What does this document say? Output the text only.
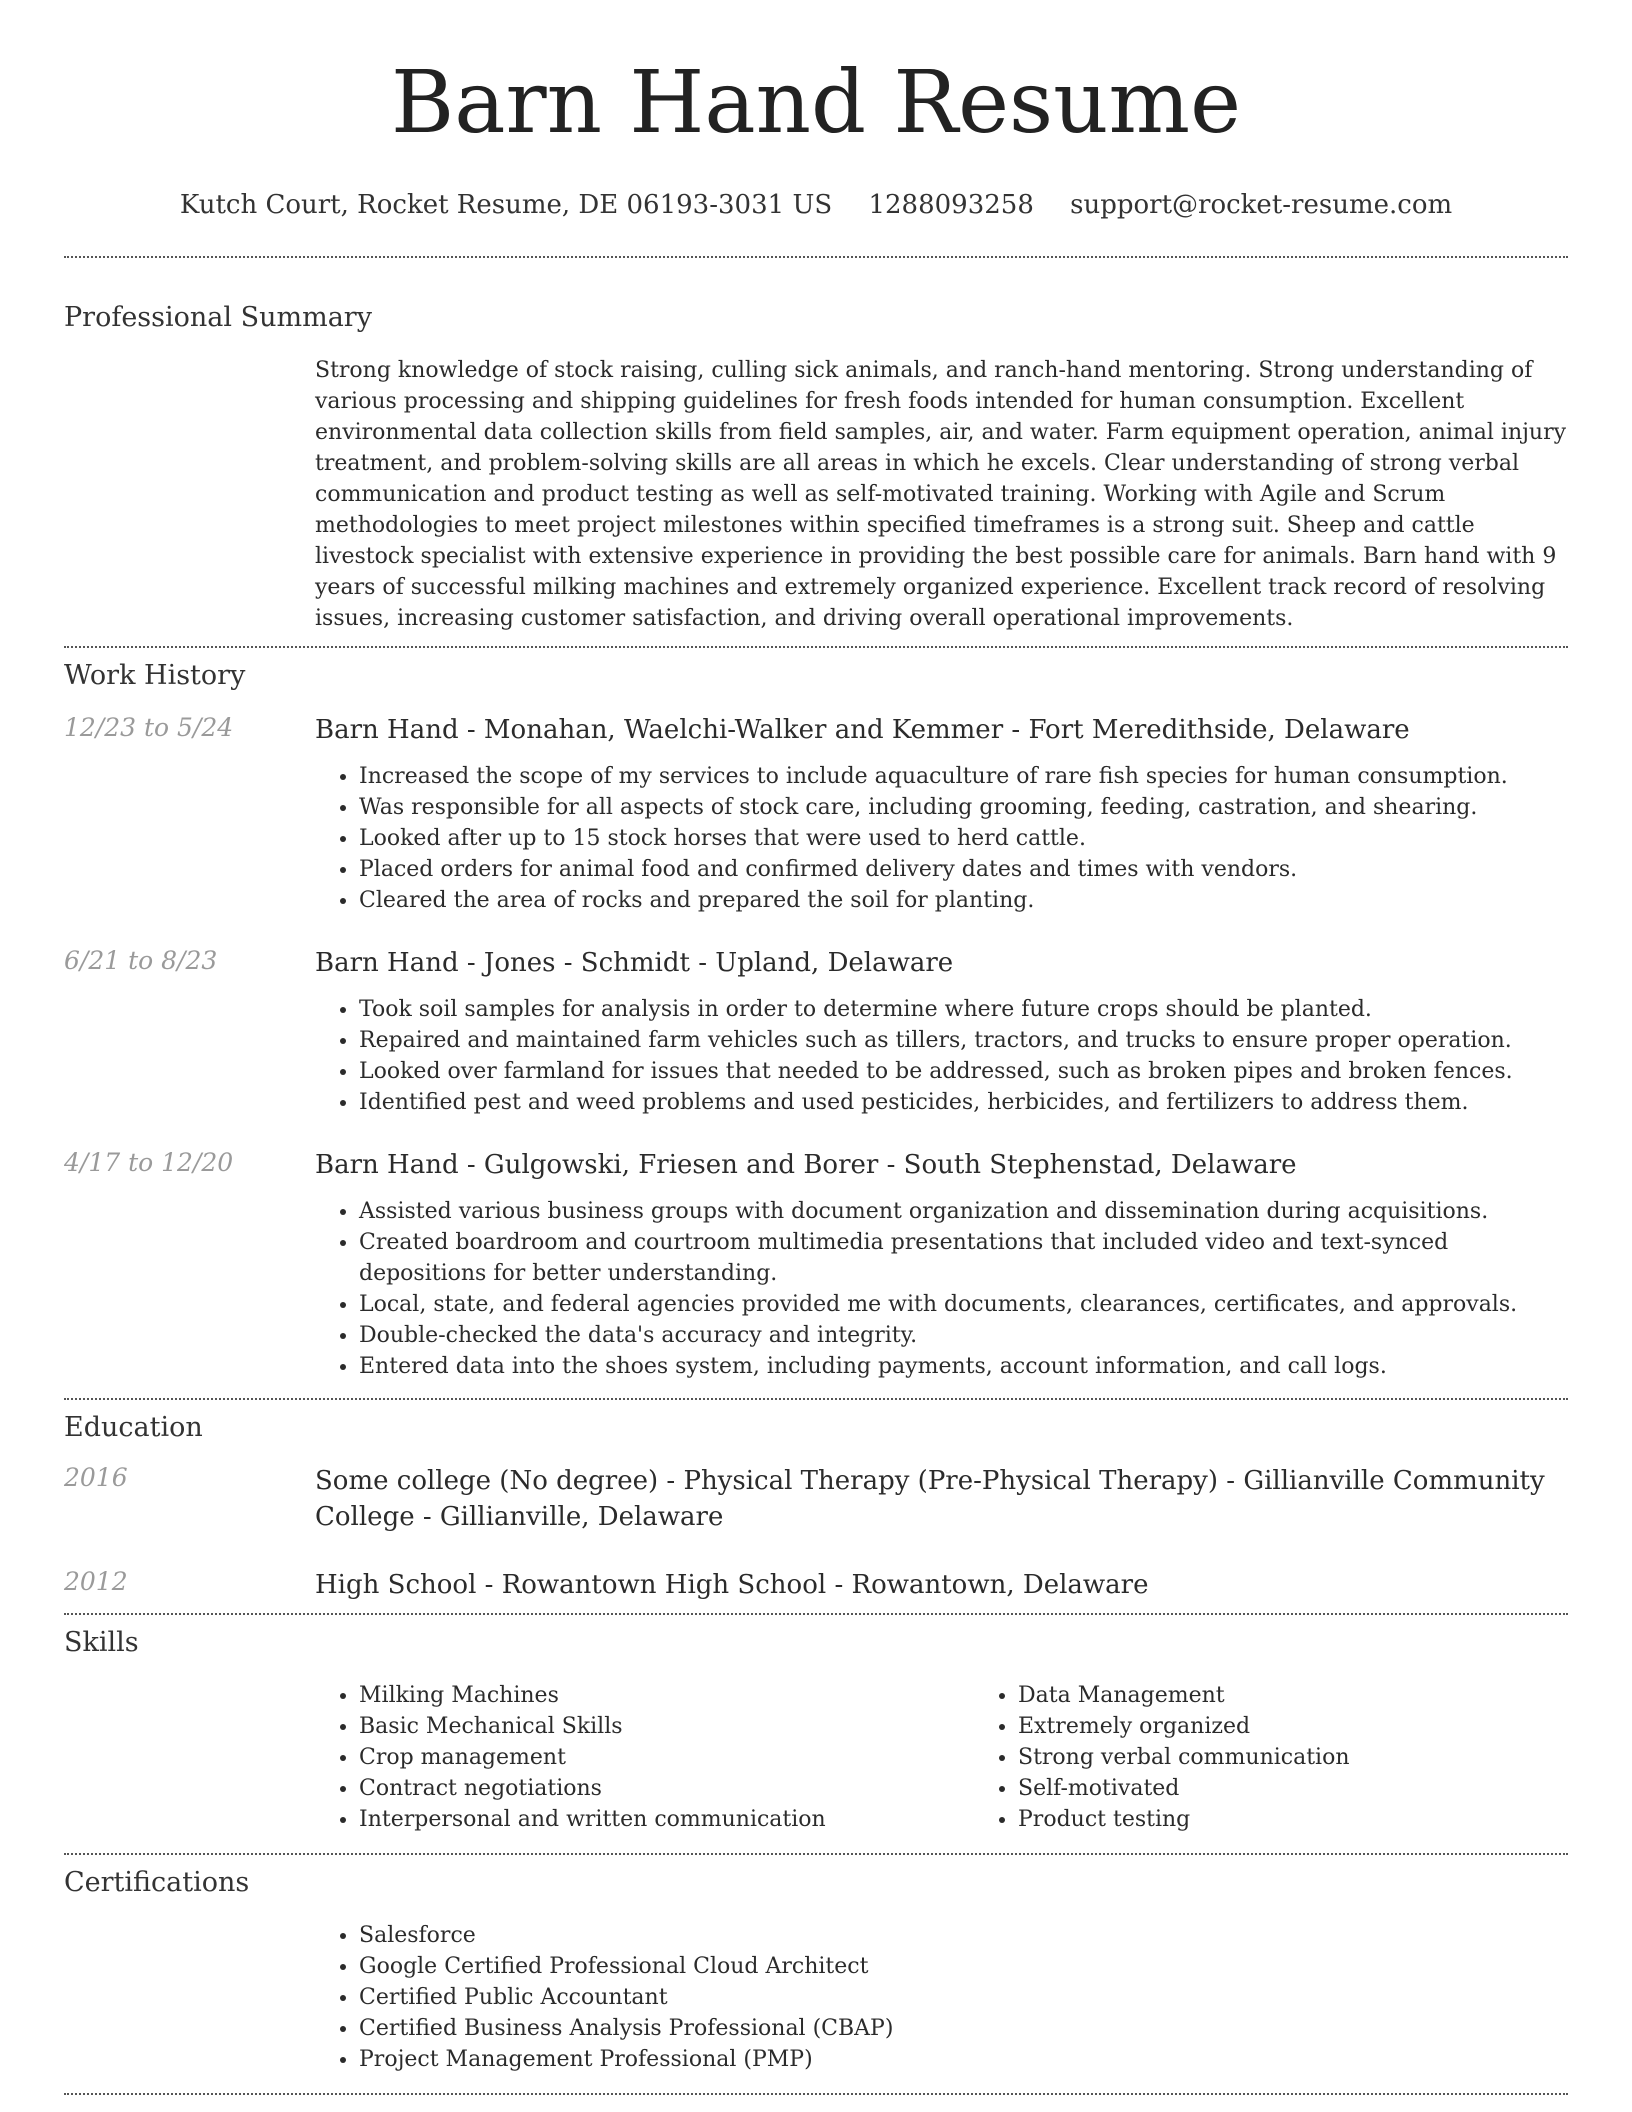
Barn Hand Resume
Kutch Court, Rocket Resume, DE 06193-3031 US 1288093258 support@rocket-resume.com
Professional Summary

Strong knowledge of stock raising, culling sick animals, and ranch-hand mentoring. Strong understanding of various processing and shipping guidelines for fresh foods intended for human consumption. Excellent environmental data collection skills from field samples, air, and water. Farm equipment operation, animal injury treatment, and problem-solving skills are all areas in which he excels. Clear understanding of strong verbal communication and product testing as well as self-motivated training. Working with Agile and Scrum methodologies to meet project milestones within specified timeframes is a strong suit. Sheep and cattle livestock specialist with extensive experience in providing the best possible care for animals. Barn hand with 9 years of successful milking machines and extremely organized experience. Excellent track record of resolving issues, increasing customer satisfaction, and driving overall operational improvements.

Work History
12/23 to 5/24	Barn Hand - Monahan, Waelchi-Walker and Kemmer - Fort Meredithside, Delaware

• Increased the scope of my services to include aquaculture of rare fish species for human consumption.
• Was responsible for all aspects of stock care, including grooming, feeding, castration, and shearing.
• Looked after up to 15 stock horses that were used to herd cattle.
• Placed orders for animal food and confirmed delivery dates and times with vendors.
• Cleared the area of rocks and prepared the soil for planting.
6/21 to 8/23	Barn Hand - Jones - Schmidt - Upland, Delaware

• Took soil samples for analysis in order to determine where future crops should be planted.
• Repaired and maintained farm vehicles such as tillers, tractors, and trucks to ensure proper operation.
• Looked over farmland for issues that needed to be addressed, such as broken pipes and broken fences.
• Identified pest and weed problems and used pesticides, herbicides, and fertilizers to address them.
4/17 to 12/20	Barn Hand - Gulgowski, Friesen and Borer - South Stephenstad, Delaware

• Assisted various business groups with document organization and dissemination during acquisitions.
• Created boardroom and courtroom multimedia presentations that included video and text-synced depositions for better understanding.
• Local, state, and federal agencies provided me with documents, clearances, certificates, and approvals.
• Double-checked the data's accuracy and integrity.
• Entered data into the shoes system, including payments, account information, and call logs.
Education
2016	Some college (No degree) - Physical Therapy (Pre-Physical Therapy) - Gillianville Community College - Gillianville, Delaware
2012	High School - Rowantown High School - Rowantown, Delaware
Skills
• Milking Machines
• Basic Mechanical Skills
• Crop management
• Contract negotiations
• Interpersonal and written communication
• Data Management
• Extremely organized
• Strong verbal communication
• Self-motivated
• Product testing
Certifications
• Salesforce
• Google Certified Professional Cloud Architect
• Certified Public Accountant
• Certified Business Analysis Professional (CBAP)
• Project Management Professional (PMP)
